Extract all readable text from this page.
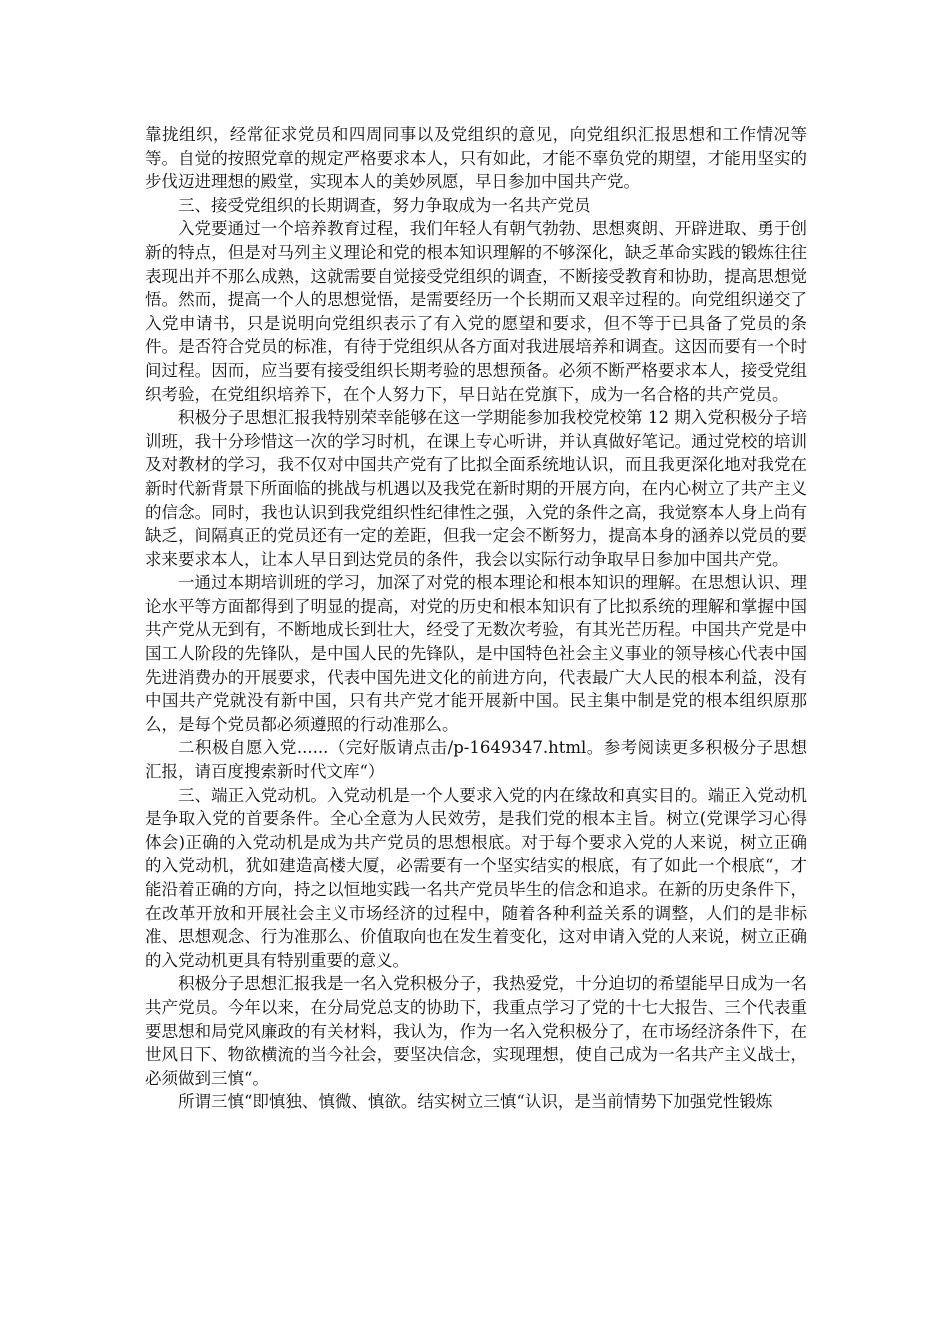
靠拢组织，经常征求党员和四周同事以及党组织的意见，向党组织汇报思想和工作情况等等。自觉的按照党章的规定严格要求本人，只有如此，才能不辜负党的期望，才能用坚实的步伐迈进理想的殿堂，实现本人的美妙夙愿，早日参加中国共产党。

三、接受党组织的长期调查，努力争取成为一名共产党员

入党要通过一个培养教育过程，我们年轻人有朝气勃勃、思想爽朗、开辟进取、勇于创新的特点，但是对马列主义理论和党的根本知识理解的不够深化，缺乏革命实践的锻炼往往表现出并不那么成熟，这就需要自觉接受党组织的调查，不断接受教育和协助，提高思想觉悟。然而，提高一个人的思想觉悟，是需要经历一个长期而又艰辛过程的。向党组织递交了入党申请书，只是说明向党组织表示了有入党的愿望和要求，但不等于已具备了党员的条件。是否符合党员的标准，有待于党组织从各方面对我进展培养和调查。这因而要有一个时间过程。因而，应当要有接受组织长期考验的思想预备。必须不断严格要求本人，接受党组织考验，在党组织培养下，在个人努力下，早日站在党旗下，成为一名合格的共产党员。

积极分子思想汇报我特别荣幸能够在这一学期能参加我校党校第 12 期入党积极分子培训班，我十分珍惜这一次的学习时机，在课上专心听讲，并认真做好笔记。通过党校的培训及对教材的学习，我不仅对中国共产党有了比拟全面系统地认识，而且我更深化地对我党在新时代新背景下所面临的挑战与机遇以及我党在新时期的开展方向，在内心树立了共产主义的信念。同时，我也认识到我党组织性纪律性之强，入党的条件之高，我觉察本人身上尚有缺乏，间隔真正的党员还有一定的差距，但我一定会不断努力，提高本身的涵养以党员的要求来要求本人，让本人早日到达党员的条件，我会以实际行动争取早日参加中国共产党。

一通过本期培训班的学习，加深了对党的根本理论和根本知识的理解。在思想认识、理论水平等方面都得到了明显的提高，对党的历史和根本知识有了比拟系统的理解和掌握中国共产党从无到有，不断地成长到壮大，经受了无数次考验，有其光芒历程。中国共产党是中国工人阶段的先锋队，是中国人民的先锋队，是中国特色社会主义事业的领导核心代表中国先进消费办的开展要求，代表中国先进文化的前进方向，代表最广大人民的根本利益，没有中国共产党就没有新中国，只有共产党才能开展新中国。民主集中制是党的根本组织原那么，是每个党员都必须遵照的行动准那么。

二积极自愿入党......（完好版请点击/p-1649347.html。参考阅读更多积极分子思想汇报，请百度搜索新时代文库“）

三、端正入党动机。入党动机是一个人要求入党的内在缘故和真实目的。端正入党动机是争取入党的首要条件。全心全意为人民效劳，是我们党的根本主旨。树立(党课学习心得体会)正确的入党动机是成为共产党员的思想根底。对于每个要求入党的人来说，树立正确的入党动机，犹如建造高楼大厦，必需要有一个坚实结实的根底，有了如此一个根底“，才能沿着正确的方向，持之以恒地实践一名共产党员毕生的信念和追求。在新的历史条件下，在改革开放和开展社会主义市场经济的过程中，随着各种利益关系的调整，人们的是非标准、思想观念、行为准那么、价值取向也在发生着变化，这对申请入党的人来说，树立正确的入党动机更具有特别重要的意义。

积极分子思想汇报我是一名入党积极分子，我热爱党，十分迫切的希望能早日成为一名共产党员。今年以来，在分局党总支的协助下，我重点学习了党的十七大报告、三个代表重要思想和局党风廉政的有关材料，我认为，作为一名入党积极分了，在市场经济条件下，在世风日下、物欲横流的当今社会，要坚决信念，实现理想，使自己成为一名共产主义战士，必须做到三慎“。

所谓三慎“即慎独、慎微、慎欲。结实树立三慎“认识，是当前情势下加强党性锻炼
